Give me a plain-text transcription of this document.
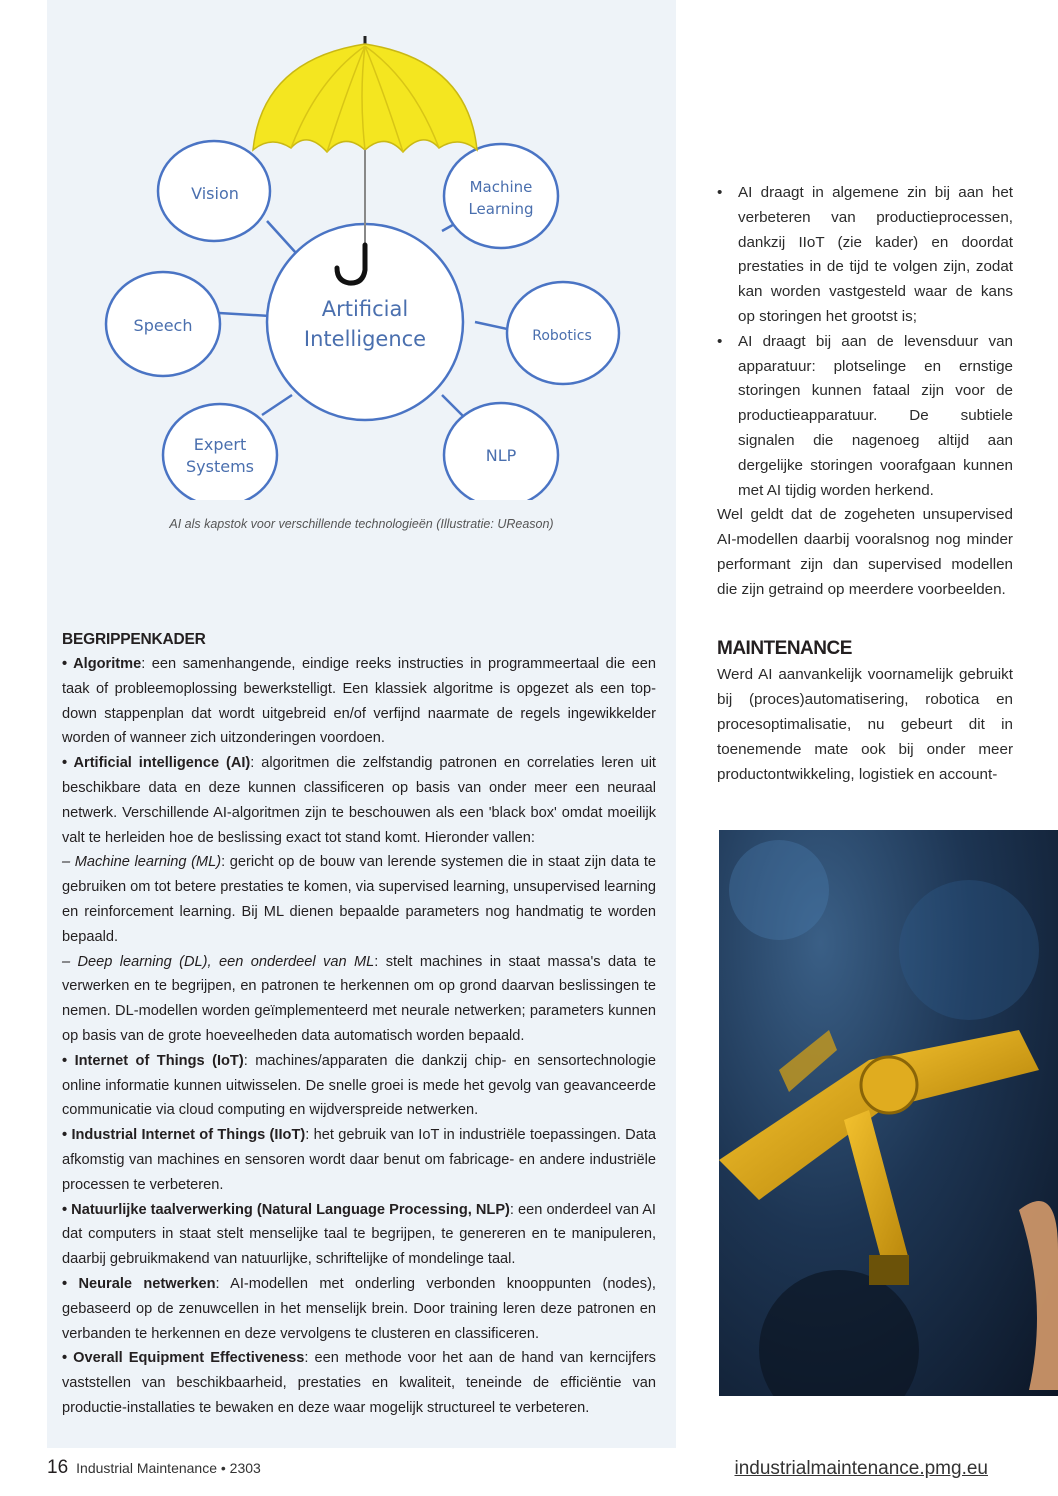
Artificial
Intelligence
Vision	Machine
Learning
Speech
Robotics
Expert
Systems
NLP
AI als kapstok voor verschillende technologieën (Illustratie: UReason)
BEGRIPPENKADER

• Algoritme: een samenhangende, eindige reeks instructies in programmeertaal die een taak of probleemoplossing bewerkstelligt. Een klassiek algoritme is opgezet als een top-down stappenplan dat wordt uitgebreid en/of verfijnd naarmate de regels ingewikkelder worden of wanneer zich uitzonderingen voordoen.

• Artificial intelligence (AI): algoritmen die zelfstandig patronen en correlaties leren uit beschikbare data en deze kunnen classificeren op basis van onder meer een neuraal netwerk. Verschillende AI-algoritmen zijn te beschouwen als een 'black box' omdat moeilijk valt te herleiden hoe de beslissing exact tot stand komt. Hieronder vallen:

– Machine learning (ML): gericht op de bouw van lerende systemen die in staat zijn data te gebruiken om tot betere prestaties te komen, via supervised learning, unsupervised learning en reinforcement learning. Bij ML dienen bepaalde parameters nog handmatig te worden bepaald.

– Deep learning (DL), een onderdeel van ML: stelt machines in staat massa's data te verwerken en te begrijpen, en patronen te herkennen om op grond daarvan beslissingen te nemen. DL-modellen worden geïmplementeerd met neurale netwerken; parameters kunnen op basis van de grote hoeveelheden data automatisch worden bepaald.

• Internet of Things (IoT): machines/apparaten die dankzij chip- en sensortechnologie online informatie kunnen uitwisselen. De snelle groei is mede het gevolg van geavanceerde communicatie via cloud computing en wijdverspreide netwerken.

• Industrial Internet of Things (IIoT): het gebruik van IoT in industriële toepassingen. Data afkomstig van machines en sensoren wordt daar benut om fabricage- en andere industriële processen te verbeteren.

• Natuurlijke taalverwerking (Natural Language Processing, NLP): een onderdeel van AI dat computers in staat stelt menselijke taal te begrijpen, te genereren en te manipuleren, daarbij gebruikmakend van natuurlijke, schriftelijke of mondelinge taal.

• Neurale netwerken: AI-modellen met onderling verbonden knooppunten (nodes), gebaseerd op de zenuwcellen in het menselijk brein. Door training leren deze patronen en verbanden te herkennen en deze vervolgens te clusteren en classificeren.

• Overall Equipment Effectiveness: een methode voor het aan de hand van kerncijfers vaststellen van beschikbaarheid, prestaties en kwaliteit, teneinde de efficiëntie van productie-installaties te bewaken en deze waar mogelijk structureel te verbeteren.

• AI draagt in algemene zin bij aan het verbeteren van productieprocessen, dankzij IIoT (zie kader) en doordat prestaties in de tijd te volgen zijn, zodat kan worden vastgesteld waar de kans op storingen het grootst is;
• AI draagt bij aan de levensduur van apparatuur: plotselinge en ernstige storingen kunnen fataal zijn voor de productieapparatuur. De subtiele signalen die nagenoeg altijd aan dergelijke storingen voorafgaan kunnen met AI tijdig worden herkend.

Wel geldt dat de zogeheten unsupervised AI-modellen daarbij vooralsnog nog minder performant zijn dan supervised modellen die zijn getraind op meerdere voorbeelden.

MAINTENANCE

Werd AI aanvankelijk voornamelijk gebruikt bij (proces)automatisering, robotica en procesoptimalisatie, nu gebeurt dit in toenemende mate ook bij onder meer productontwikkeling, logistiek en account-

16 Industrial Maintenance • 2303	industrialmaintenance.pmg.eu
